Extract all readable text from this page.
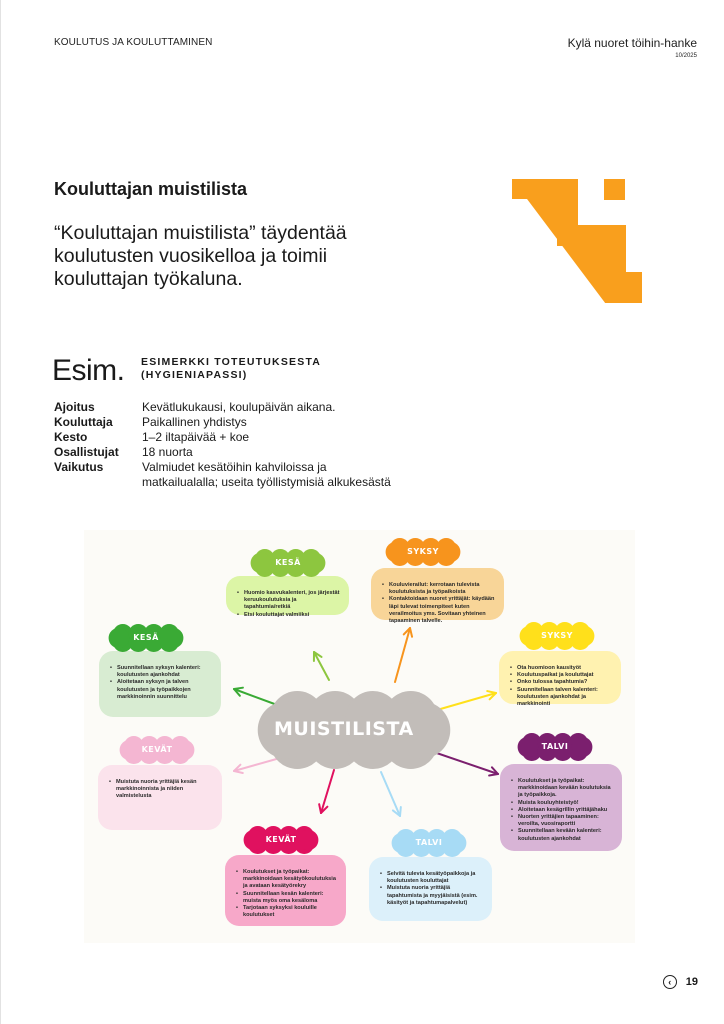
KOULUTUS JA KOULUTTAMINEN	Kylä nuoret töihin-hanke
10/2025
Kouluttajan muistilista
“Kouluttajan muistilista” täydentää koulutusten vuosikelloa ja toimii kouluttajan työkaluna.
Esim. ESIMERKKI TOTEUTUKSESTA
(HYGIENIAPASSI)
Ajoitus	Kevätlukukausi, koulupäivän aikana.
Kouluttaja	Paikallinen yhdistys
Kesto	1–2 iltapäivää + koe
Osallistujat	18 nuorta
Vaikutus	Valmiudet kesätöihin kahviloissa ja matkailualalla; useita työllistymisiä alkukesästä
• Huomio kasvukalenteri, jos järjestät keruukoulutuksia ja tapahtumia/retkiä
• Etsi kouluttajat valmiiksi
• Kouluvierailut: kerrotaan tulevista koulutuksista ja työpaikoista
• Kontaktoidaan nuoret yrittäjät: käydään läpi tulevat toimenpiteet kuten verailmoitus yms. Sovitaan yhteinen tapaaminen talvelle.
• Ota huomioon kausityöt
• Koulutuspaikat ja kouluttajat
• Onko tulossa tapahtumia?
• Suunnitellaan talven kalenteri: koulutusten ajankohdat ja markkinointi
• Koulutukset ja työpaikat: markkinoidaan kevään koulutuksia ja työpaikkoja.
• Muista kouluyhteistyö!
• Aloitetaan kesägrillin yrittäjähaku
• Nuorten yrittäjien tapaaminen: veroilta, vuosiraportti
• Suunnitellaan kevään kalenteri: koulutusten ajankohdat
• Suunnitellaan syksyn kalenteri: koulutusten ajankohdat
• Aloitetaan syksyn ja talven koulutusten ja työpaikkojen markkinoinnin suunnittelu
• Muistuta nuoria yrittäjiä kesän markkinoinnista ja niiden valmistelusta
• Koulutukset ja työpaikat: markkinoidaan kesätyökoulutuksia ja avataan kesätyörekry
• Suunnitellaan kesän kalenteri: muista myös oma kesäloma
• Tarjotaan syksyksi kouluille koulutukset
• Selvitä tulevia kesätyöpaikkoja ja koulutusten kouluttajat
• Muistuta nuoria yrittäjiä tapahtumista ja myyjäisistä (esim. käsityöt ja tapahtumapalvelut)
KESÄ
SYKSY
SYKSY
TALVI
KESÄ
KEVÄT
KEVÄT	TALVI
MUISTILISTA
‹	19
